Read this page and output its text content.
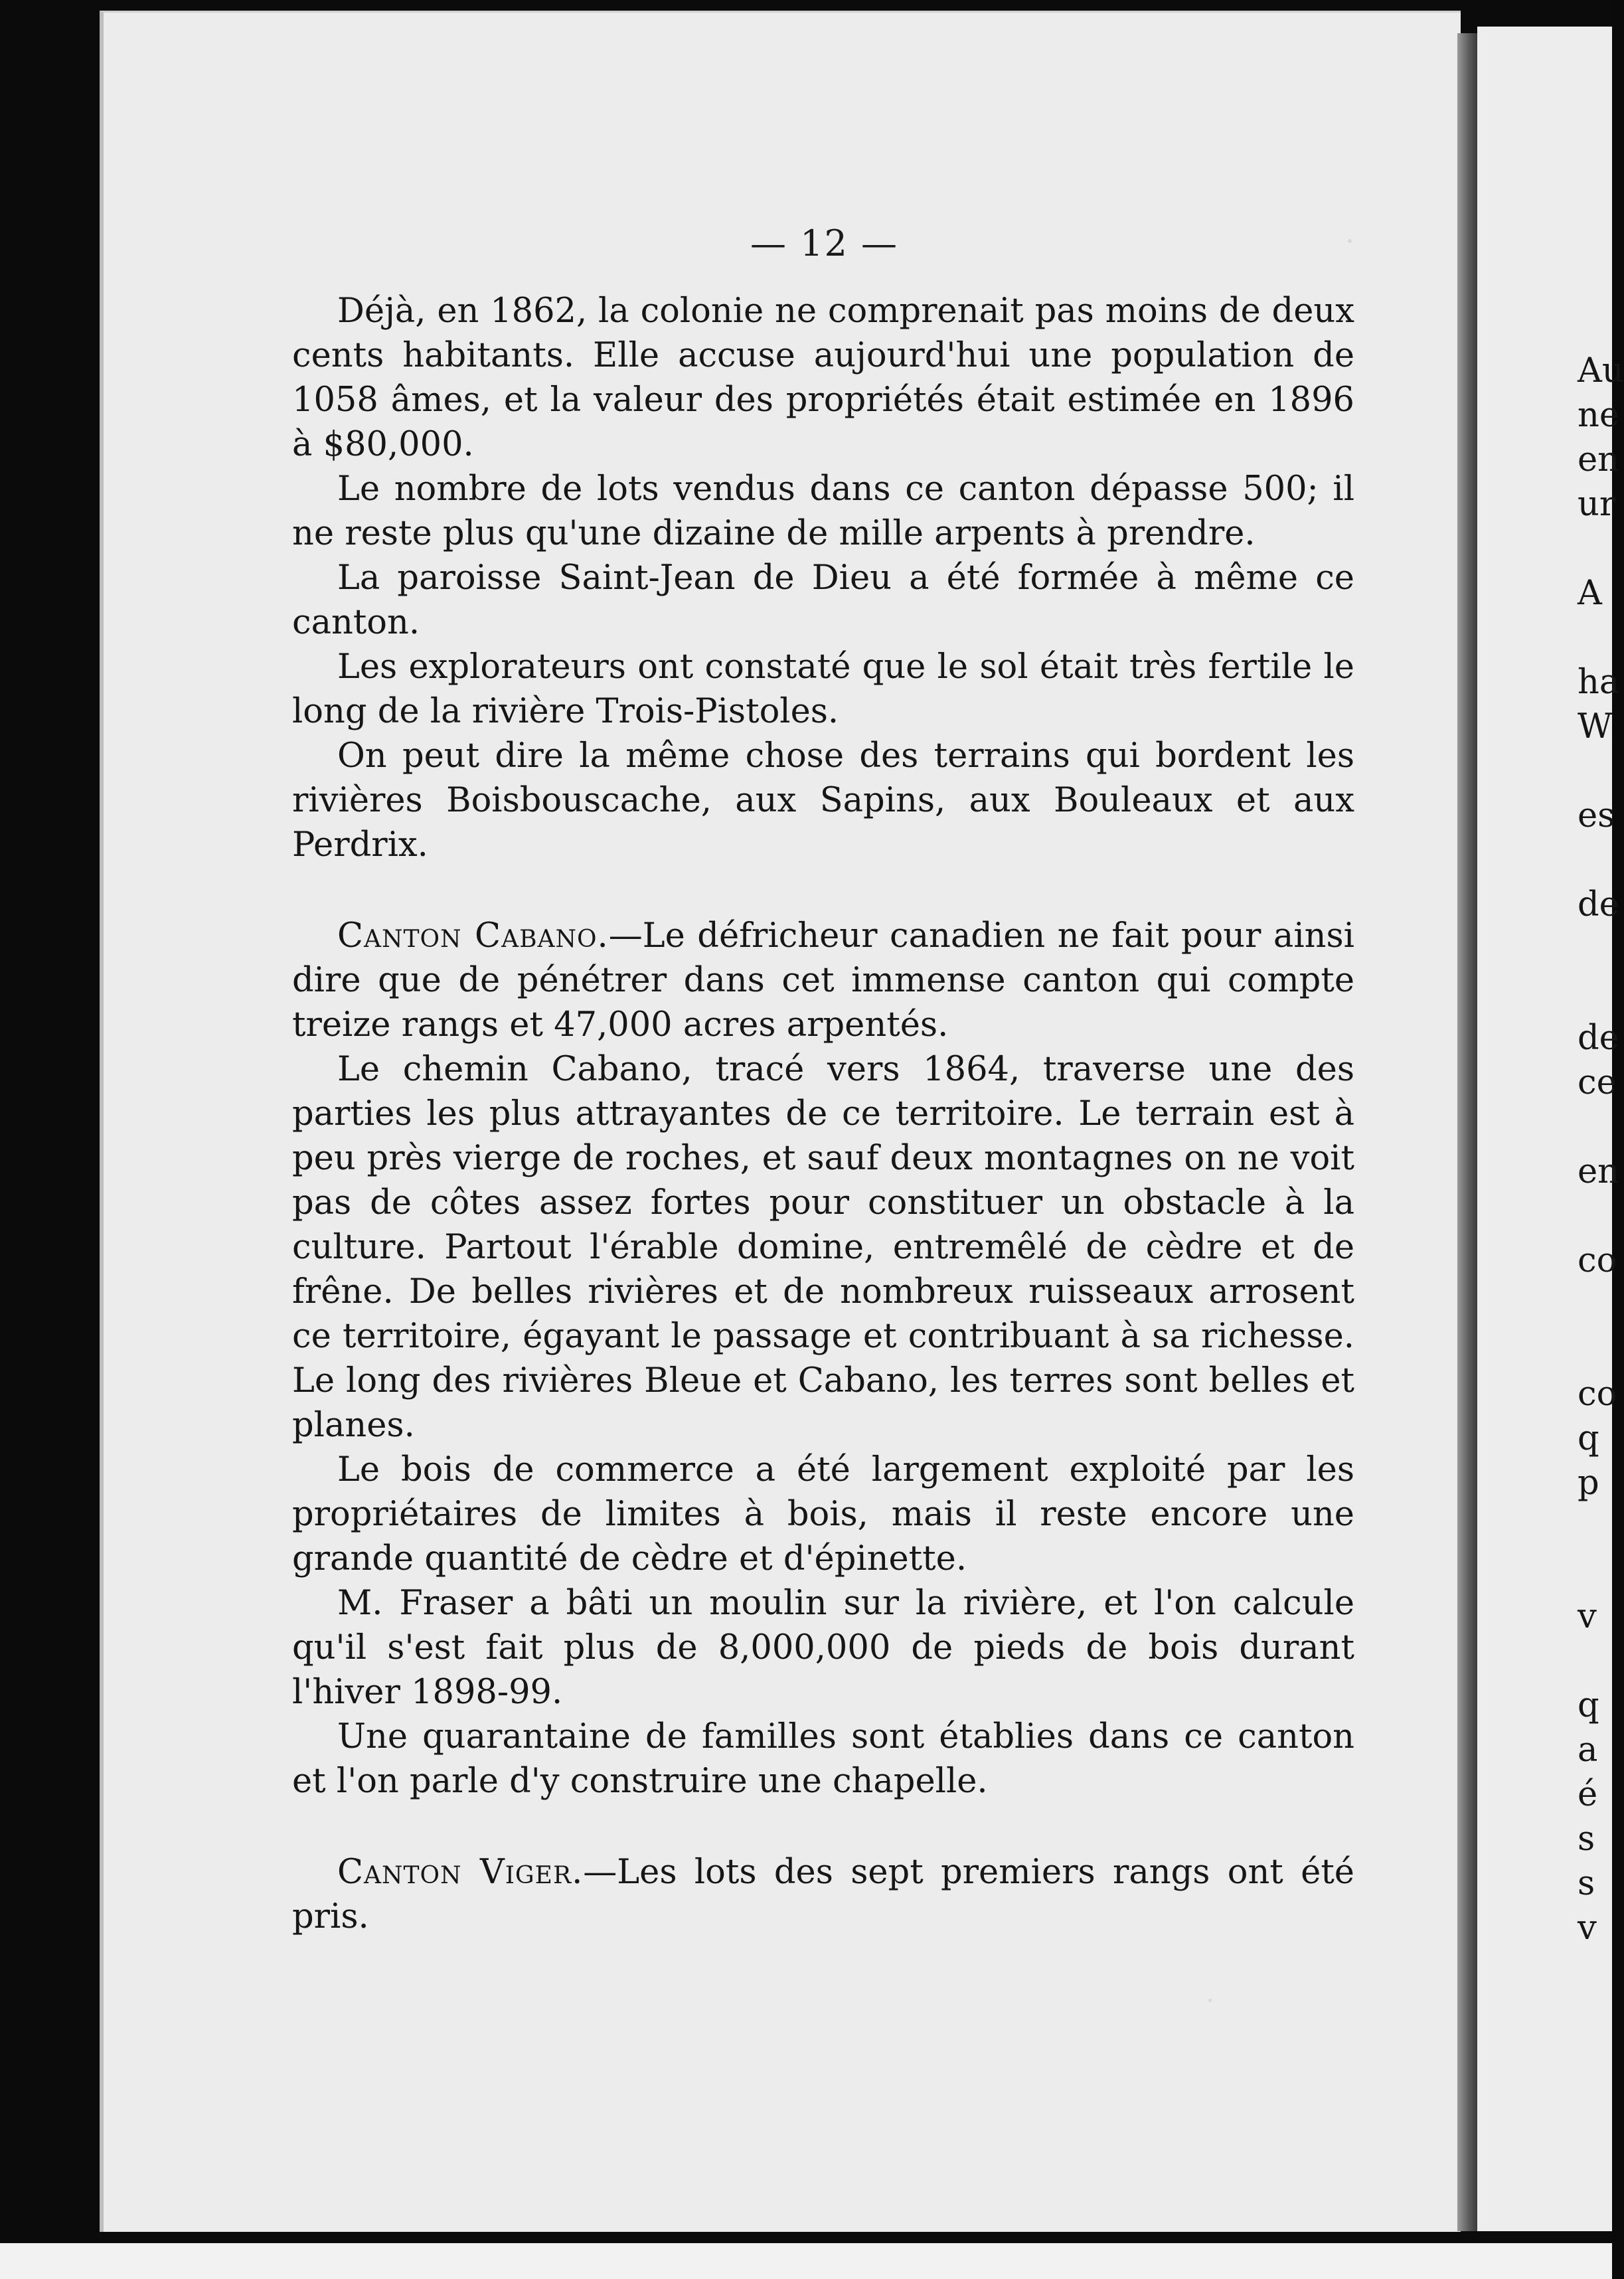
— 12 —

Déjà, en 1862, la colonie ne comprenait pas moins de deux cents habitants. Elle accuse aujourd'hui une population de 1058 âmes, et la valeur des propriétés était estimée en 1896 à $80,000.

Le nombre de lots vendus dans ce canton dépasse 500; il ne reste plus qu'une dizaine de mille arpents à prendre.

La paroisse Saint-Jean de Dieu a été formée à même ce canton.

Les explorateurs ont constaté que le sol était très fertile le long de la rivière Trois-Pistoles.

On peut dire la même chose des terrains qui bordent les rivières Boisbouscache, aux Sapins, aux Bouleaux et aux Perdrix.

Canton Cabano.—Le défricheur canadien ne fait pour ainsi dire que de pénétrer dans cet immense canton qui compte treize rangs et 47,000 acres arpentés.

Le chemin Cabano, tracé vers 1864, traverse une des parties les plus attrayantes de ce territoire. Le terrain est à peu près vierge de roches, et sauf deux montagnes on ne voit pas de côtes assez fortes pour constituer un obstacle à la culture. Partout l'érable domine, entremêlé de cèdre et de frêne. De belles rivières et de nombreux ruisseaux arrosent ce territoire, égayant le passage et contribuant à sa richesse. Le long des rivières Bleue et Cabano, les terres sont belles et planes.

Le bois de commerce a été largement exploité par les propriétaires de limites à bois, mais il reste encore une grande quantité de cèdre et d'épinette.

M. Fraser a bâti un moulin sur la rivière, et l'on calcule qu'il s'est fait plus de 8,000,000 de pieds de bois durant l'hiver 1898-99.

Une quarantaine de familles sont établies dans ce canton et l'on parle d'y construire une chapelle.

Canton Viger.—Les lots des sept premiers rangs ont été pris.

Au
ne
en
ur
A
ha
W
es
de
de
ce
en
co
co
q
p
v
q
a
é
s
s
v
